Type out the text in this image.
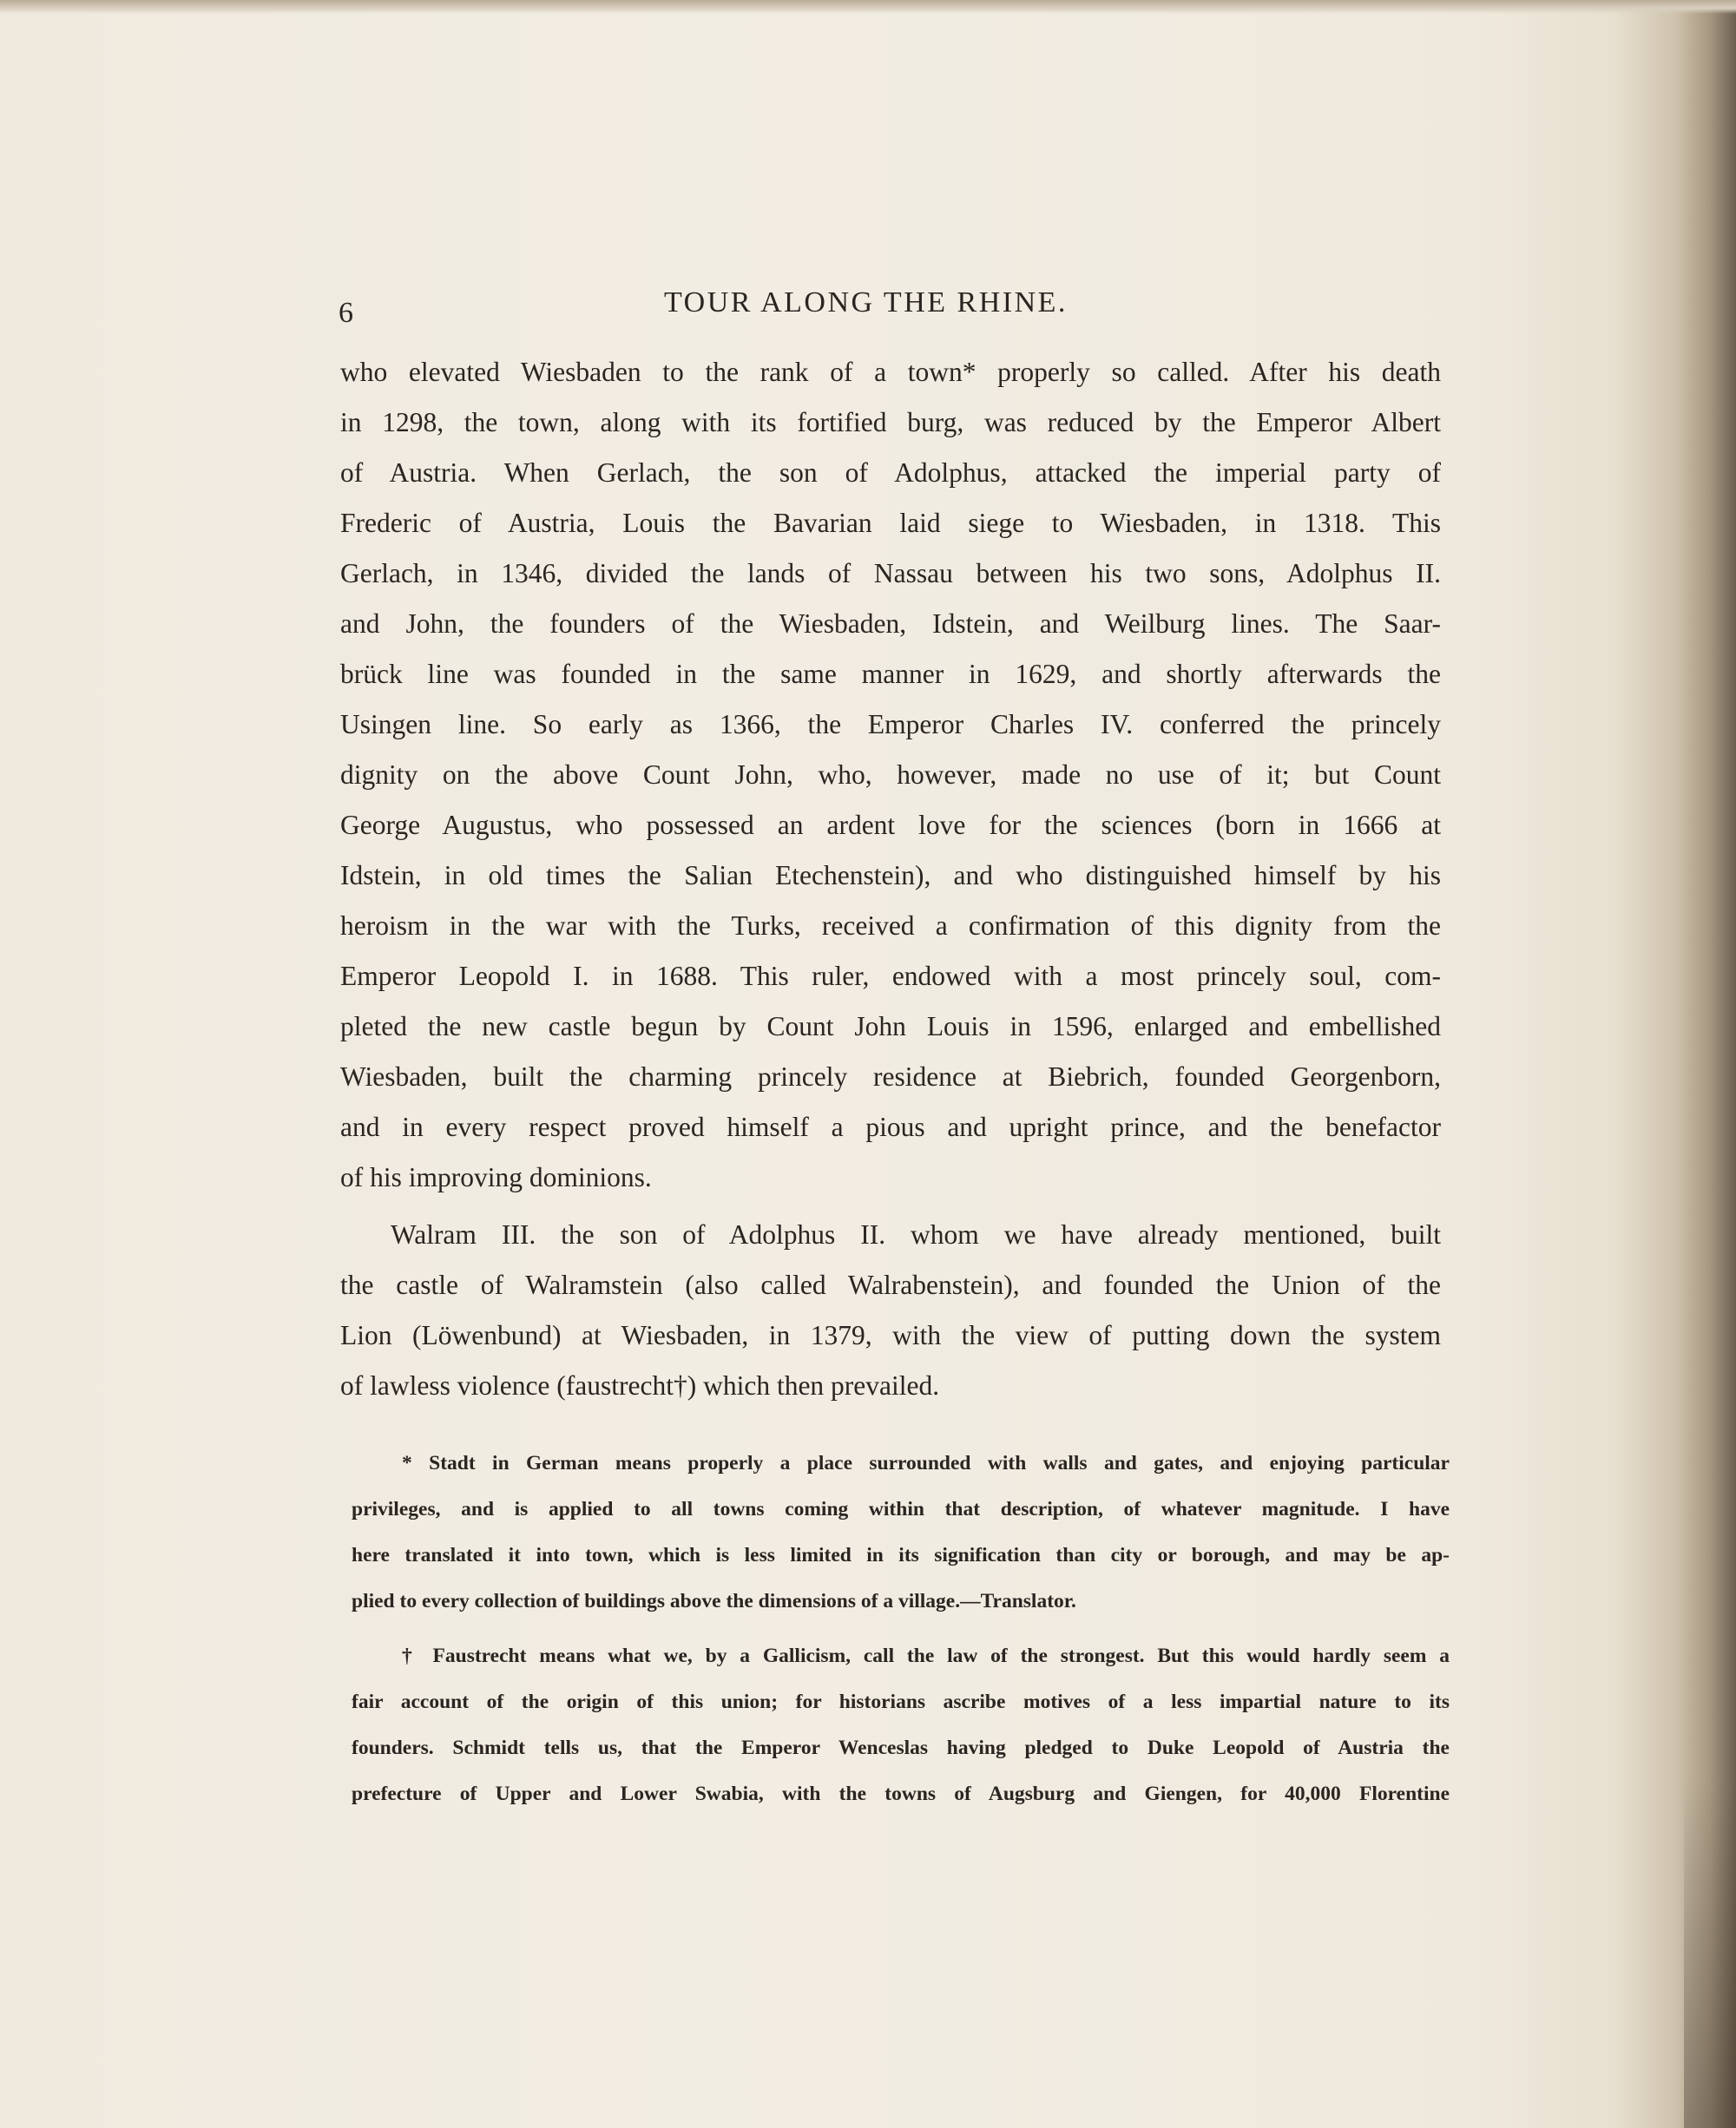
6	TOUR ALONG THE RHINE.
who elevated Wiesbaden to the rank of a town* properly so called. After his death
in 1298, the town, along with its fortified burg, was reduced by the Emperor Albert
of Austria. When Gerlach, the son of Adolphus, attacked the imperial party of
Frederic of Austria, Louis the Bavarian laid siege to Wiesbaden, in 1318. This
Gerlach, in 1346, divided the lands of Nassau between his two sons, Adolphus II.
and John, the founders of the Wiesbaden, Idstein, and Weilburg lines. The Saar-
brück line was founded in the same manner in 1629, and shortly afterwards the
Usingen line. So early as 1366, the Emperor Charles IV. conferred the princely
dignity on the above Count John, who, however, made no use of it; but Count
George Augustus, who possessed an ardent love for the sciences (born in 1666 at
Idstein, in old times the Salian Etechenstein), and who distinguished himself by his
heroism in the war with the Turks, received a confirmation of this dignity from the
Emperor Leopold I. in 1688. This ruler, endowed with a most princely soul, com-
pleted the new castle begun by Count John Louis in 1596, enlarged and embellished
Wiesbaden, built the charming princely residence at Biebrich, founded Georgenborn,
and in every respect proved himself a pious and upright prince, and the benefactor
of his improving dominions.
Walram III. the son of Adolphus II. whom we have already mentioned, built
the castle of Walramstein (also called Walrabenstein), and founded the Union of the
Lion (Löwenbund) at Wiesbaden, in 1379, with the view of putting down the system
of lawless violence (faustrecht†) which then prevailed.
* Stadt in German means properly a place surrounded with walls and gates, and enjoying particular
privileges, and is applied to all towns coming within that description, of whatever magnitude. I have
here translated it into town, which is less limited in its signification than city or borough, and may be ap-
plied to every collection of buildings above the dimensions of a village.—Translator.
† Faustrecht means what we, by a Gallicism, call the law of the strongest. But this would hardly seem a
fair account of the origin of this union; for historians ascribe motives of a less impartial nature to its
founders. Schmidt tells us, that the Emperor Wenceslas having pledged to Duke Leopold of Austria the
prefecture of Upper and Lower Swabia, with the towns of Augsburg and Giengen, for 40,000 Florentine
